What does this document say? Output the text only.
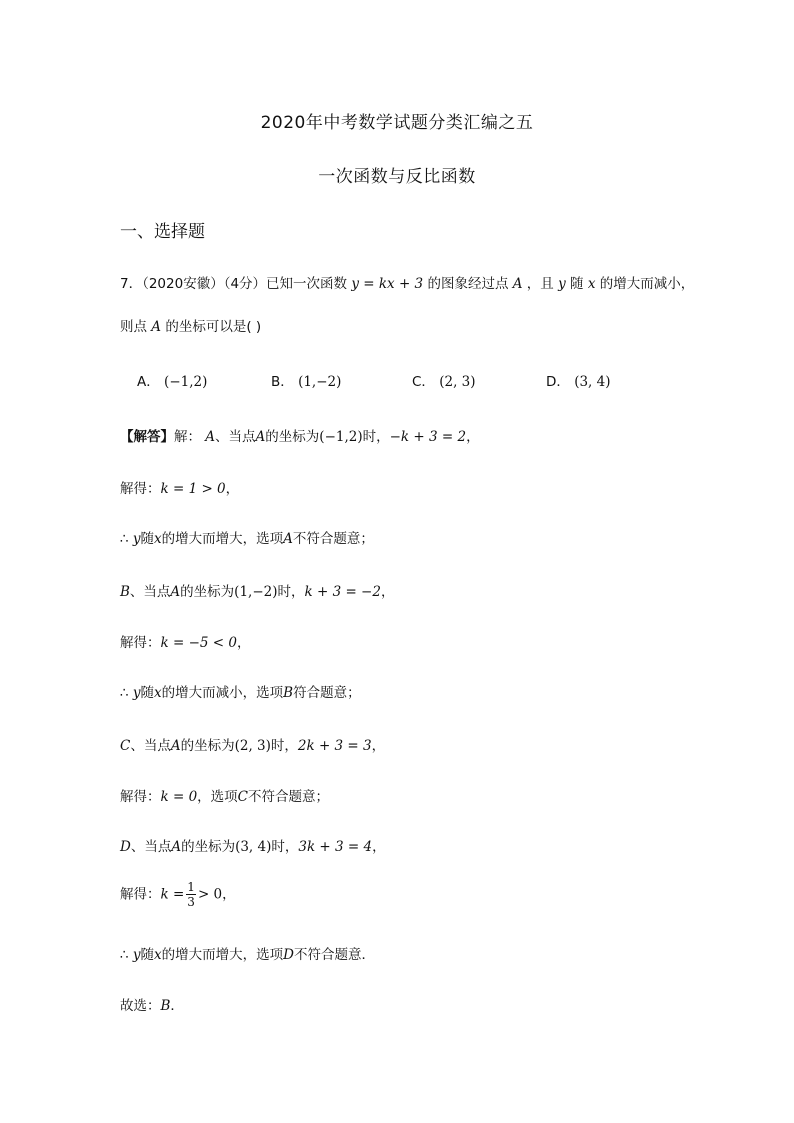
2020年中考数学试题分类汇编之五
一次函数与反比函数
一、选择题
7．（2020安徽）（4分）已知一次函数 y = kx + 3 的图象经过点 A ，且 y 随 x 的增大而减小，
则点 A 的坐标可以是( )
A． (−1,2)	B． (1,−2)	C． (2, 3)	D． (3, 4)
【解答】解： A、当点A的坐标为(−1,2)时，−k + 3 = 2，
解得：k = 1 > 0，
∴ y随x的增大而增大，选项A不符合题意；
B、当点A的坐标为(1,−2)时，k + 3 = −2，
解得：k = −5 < 0，
∴ y随x的增大而减小，选项B符合题意；
C、当点A的坐标为(2, 3)时，2k + 3 = 3，
解得：k = 0，选项C不符合题意；
D、当点A的坐标为(3, 4)时，3k + 3 = 4，
解得：$k = \frac{1}{3} > 0$，
∴ y随x的增大而增大，选项D不符合题意．
故选：B．
